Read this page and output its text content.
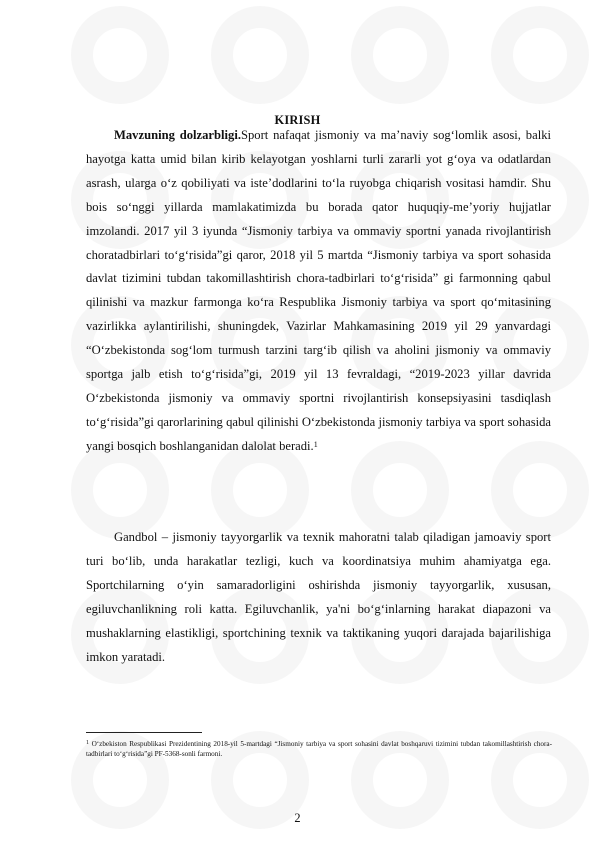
KIRISH

Mavzuning dolzarbligi.Sport nafaqat jismoniy va ma’naviy sog‘lomlik asosi, balki hayotga katta umid bilan kirib kelayotgan yoshlarni turli zararli yot g‘oya va odatlardan asrash, ularga o‘z qobiliyati va iste’dodlarini to‘la ruyobga chiqarish vositasi hamdir. Shu bois so‘nggi yillarda mamlakatimizda bu borada qator huquqiy-me’yoriy hujjatlar imzolandi. 2017 yil 3 iyunda “Jismoniy tarbiya va ommaviy sportni yanada rivojlantirish choratadbirlari to‘g‘risida”gi qaror, 2018 yil 5 martda “Jismoniy tarbiya va sport sohasida davlat tizimini tubdan takomillashtirish chora-tadbirlari to‘g‘risida” gi farmonning qabul qilinishi va mazkur farmonga ko‘ra Respublika Jismoniy tarbiya va sport qo‘mitasining vazirlikka aylantirilishi, shuningdek, Vazirlar Mahkamasining 2019 yil 29 yanvardagi “O‘zbekistonda sog‘lom turmush tarzini targ‘ib qilish va aholini jismoniy va ommaviy sportga jalb etish to‘g‘risida”gi, 2019 yil 13 fevraldagi, “2019-2023 yillar davrida O‘zbekistonda jismoniy va ommaviy sportni rivojlantirish konsepsiyasini tasdiqlash to‘g‘risida”gi qarorlarining qabul qilinishi O‘zbekistonda jismoniy tarbiya va sport sohasida yangi bosqich boshlanganidan dalolat beradi.$^1$

Gandbol – jismoniy tayyorgarlik va texnik mahoratni talab qiladigan jamoaviy sport turi bo‘lib, unda harakatlar tezligi, kuch va koordinatsiya muhim ahamiyatga ega. Sportchilarning o‘yin samaradorligini oshirishda jismoniy tayyorgarlik, xususan, egiluvchanlikning roli katta. Egiluvchanlik, ya'ni bo‘g‘inlarning harakat diapazoni va mushaklarning elastikligi, sportchining texnik va taktikaning yuqori darajada bajarilishiga imkon yaratadi.

$^1$ O‘zbekiston Respublikasi Prezidentining 2018-yil 5-martdagi “Jismoniy tarbiya va sport sohasini davlat boshqaruvi tizimini tubdan takomillashtirish chora-tadbirlari to‘g‘risida”gi PF-5368-sonli farmoni.

2
